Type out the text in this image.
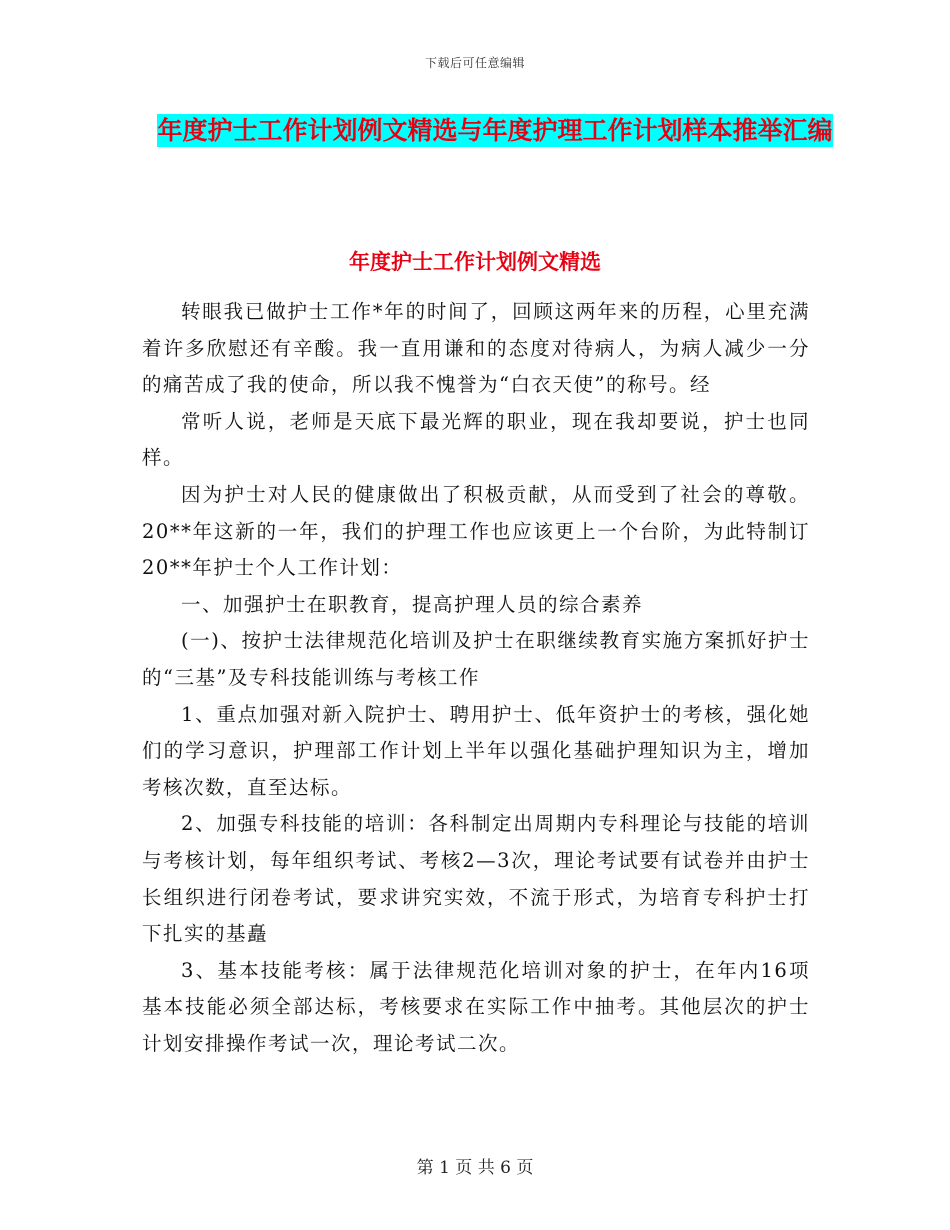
下载后可任意编辑
年度护士工作计划例文精选与年度护理工作计划样本推举汇编
年度护士工作计划例文精选

转眼我已做护士工作*年的时间了，回顾这两年来的历程，心里充满着许多欣慰还有辛酸。我一直用谦和的态度对待病人，为病人减少一分的痛苦成了我的使命，所以我不愧誉为“白衣天使”的称号。经

常听人说，老师是天底下最光辉的职业，现在我却要说，护士也同样。

因为护士对人民的健康做出了积极贡献，从而受到了社会的尊敬。20**年这新的一年，我们的护理工作也应该更上一个台阶，为此特制订20**年护士个人工作计划：

一、加强护士在职教育，提高护理人员的综合素养

(一)、按护士法律规范化培训及护士在职继续教育实施方案抓好护士的“三基”及专科技能训练与考核工作

1、重点加强对新入院护士、聘用护士、低年资护士的考核，强化她们的学习意识，护理部工作计划上半年以强化基础护理知识为主，增加考核次数，直至达标。

2、加强专科技能的培训：各科制定出周期内专科理论与技能的培训与考核计划，每年组织考试、考核2—3次，理论考试要有试卷并由护士长组织进行闭卷考试，要求讲究实效，不流于形式，为培育专科护士打下扎实的基矗

3、基本技能考核：属于法律规范化培训对象的护士，在年内16项基本技能必须全部达标，考核要求在实际工作中抽考。其他层次的护士计划安排操作考试一次，理论考试二次。

第 1 页 共 6 页
